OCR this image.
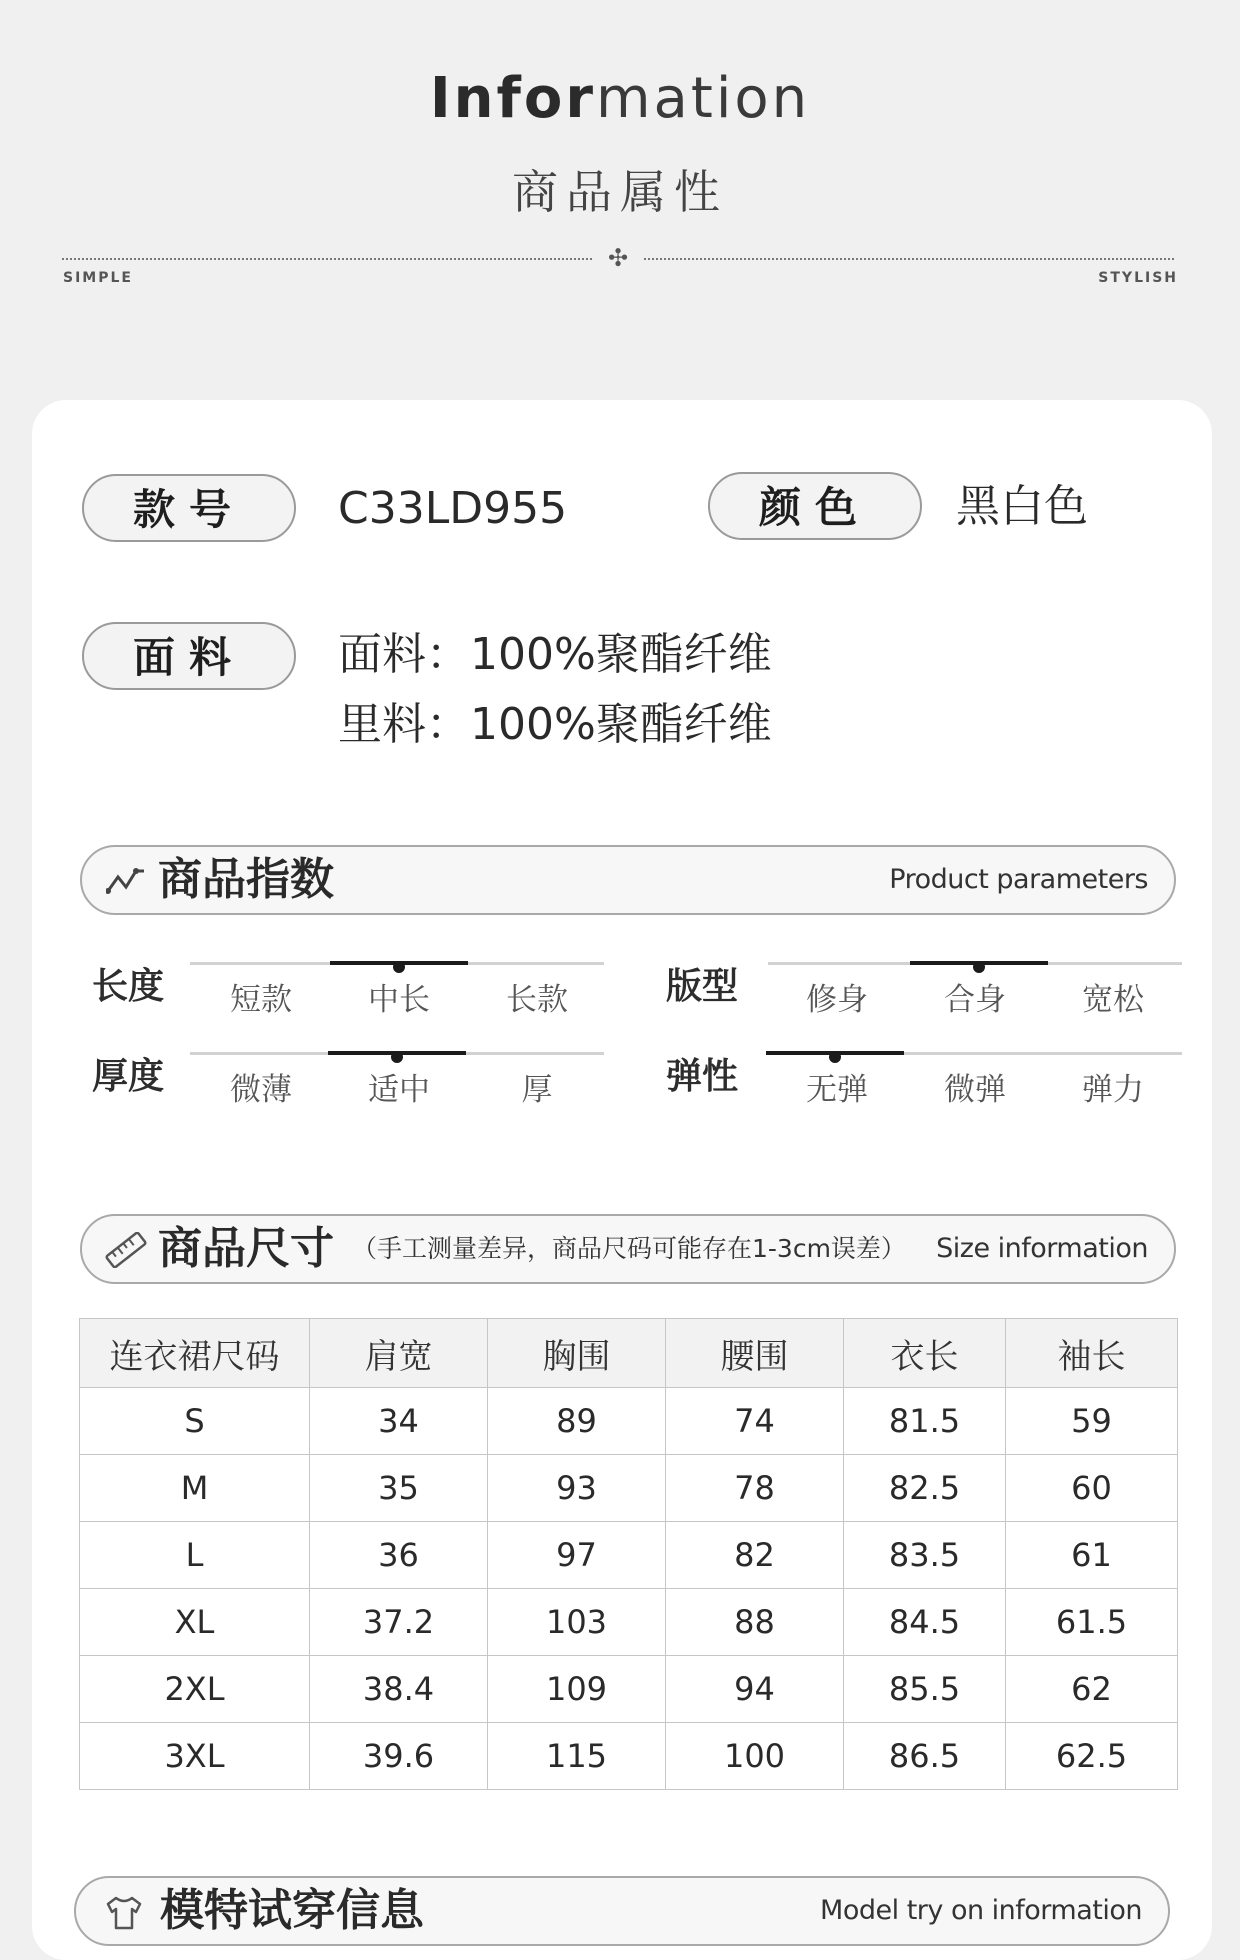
Information
商品属性
✣
SIMPLE	STYLISH
款号	C33LD955	颜色	黑白色
面料	面料：100%聚酯纤维
里料：100%聚酯纤维
商品指数	Product parameters
长度	短款	中长	长款	版型	修身	合身	宽松
厚度	微薄	适中	厚	弹性	无弹	微弹	弹力
商品尺寸 （手工测量差异，商品尺码可能存在1-3cm误差） Size information
连衣裙尺码	肩宽	胸围	腰围	衣长	袖长
S	34	89	74	81.5	59
M	35	93	78	82.5	60
L	36	97	82	83.5	61
XL	37.2	103	88	84.5	61.5
2XL	38.4	109	94	85.5	62
3XL	39.6	115	100	86.5	62.5
模特试穿信息	Model try on information
